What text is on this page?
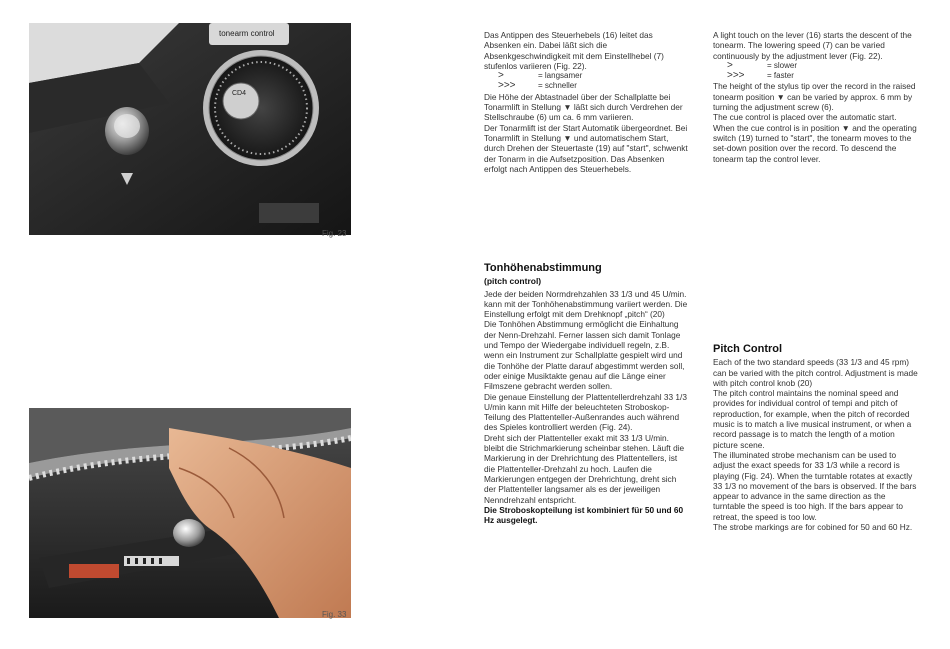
tonearm control
CD4
Fig. 23
Fig. 33

Das Antippen des Steuerhebels (16) leitet das Absenken ein. Dabei läßt sich die Absenkgeschwindigkeit mit dem Einstellhebel (7) stufenlos variieren (Fig. 22).

>	= langsamer
>>>	= schneller

Die Höhe der Abtastnadel über der Schallplatte bei Tonarmlift in Stellung ▼ läßt sich durch Verdrehen der Stellschraube (6) um ca. 6 mm variieren.

Der Tonarmlift ist der Start Automatik übergeordnet. Bei Tonarmlift in Stellung ▼ und automatischem Start, durch Drehen der Steuertaste (19) auf "start", schwenkt der Tonarm in die Aufsetzposition. Das Absenken erfolgt nach Antippen des Steuerhebels.

A light touch on the lever (16) starts the descent of the tonearm. The lowering speed (7) can be varied continuously by the adjustment lever (Fig. 22).

>	= slower
>>>	= faster

The height of the stylus tip over the record in the raised tonearm position ▼ can be varied by approx. 6 mm by turning the adjustment screw (6).

The cue control is placed over the automatic start. When the cue control is in position ▼ and the operating switch (19) turned to "start", the tonearm moves to the set-down position over the record. To descend the tonearm tap the control lever.

Tonhöhenabstimmung
(pitch control)

Jede der beiden Normdrehzahlen 33 1/3 und 45 U/min. kann mit der Tonhöhenabstimmung variiert werden. Die Einstellung erfolgt mit dem Drehknopf „pitch“ (20)

Die Tonhöhen Abstimmung ermöglicht die Einhaltung der Nenn-Drehzahl. Ferner lassen sich damit Tonlage und Tempo der Wiedergabe individuell regeln, z.B. wenn ein Instrument zur Schallplatte gespielt wird und die Tonhöhe der Platte darauf abgestimmt werden soll, oder einige Musiktakte genau auf die Länge einer Filmszene gebracht werden sollen.

Die genaue Einstellung der Plattentellerdrehzahl 33 1/3 U/min kann mit Hilfe der beleuchteten Stroboskop-Teilung des Plattenteller-Außenrandes auch während des Spieles kontrolliert werden (Fig. 24).

Dreht sich der Plattenteller exakt mit 33 1/3 U/min. bleibt die Strichmarkierung scheinbar stehen. Läuft die Markierung in der Drehrichtung des Plattentellers, ist die Plattenteller-Drehzahl zu hoch. Laufen die Markierungen entgegen der Drehrichtung, dreht sich der Plattenteller langsamer als es der jeweiligen Nenndrehzahl entspricht.

Die Stroboskopteilung ist kombiniert für 50 und 60 Hz ausgelegt.

Pitch Control

Each of the two standard speeds (33 1/3 and 45 rpm) can be varied with the pitch control. Adjustment is made with pitch control knob (20)

The pitch control maintains the nominal speed and provides for individual control of tempi and pitch of reproduction, for example, when the pitch of recorded music is to match a live musical instrument, or when a record passage is to match the length of a motion picture scene.

The illuminated strobe mechanism can be used to adjust the exact speeds for 33 1/3 while a record is playing (Fig. 24). When the turntable rotates at exactly 33 1/3 no movement of the bars is observed. If the bars appear to advance in the same direction as the turntable the speed is too high. If the bars appear to retreat, the speed is too low.

The strobe markings are for cobined for 50 and 60 Hz.
